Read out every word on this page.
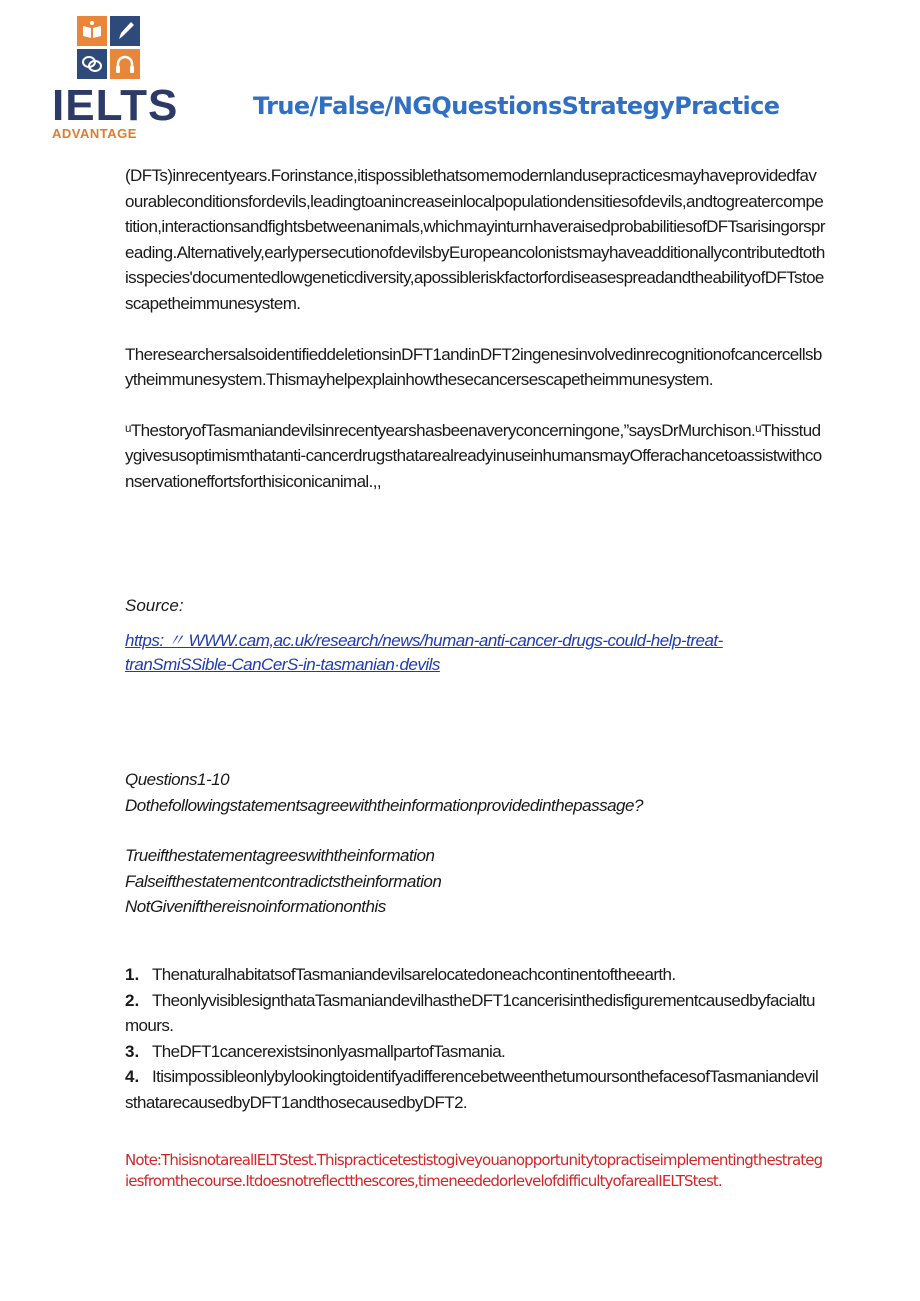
IELTS
ADVANTAGE
True/False/NGQuestionsStrategyPractice
(DFTs)inrecentyears.Forinstance,itispossiblethatsomemodernlandusepracticesmayhaveprovidedfavourableconditionsfordevils,leadingtoanincreaseinlocalpopulationdensitiesofdevils,andtogreatercompetition,interactionsandfightsbetweenanimals,whichmayinturnhaveraisedprobabilitiesofDFTsarisingorspreading.Alternatively,earlypersecutionofdevilsbyEuropeancolonistsmayhaveadditionallycontributedtothisspecies'documentedlowgeneticdiversity,apossibleriskfactorfordiseasespreadandtheabilityofDFTstoescapetheimmunesystem.
TheresearchersalsoidentifieddeletionsinDFT1andinDFT2ingenesinvolvedinrecognitionofcancercellsbytheimmunesystem.Thismayhelpexplainhowthesecancersescapetheimmunesystem.
ᵘThestoryofTasmaniandevilsinrecentyearshasbeenaveryconcerningone,”saysDrMurchison.ᵘThisstudygivesusoptimismthatanti-cancerdrugsthatarealreadyinuseinhumansmayOfferachancetoassistwithconservationeffortsforthisiconicanimal.,,
Source:
https: 〃 WWW.cam,ac.uk/research/news/human-anti-cancer-drugs-could-help-treat-
tranSmiSSible-CanCerS-in-tasmanian·devils
Questions1-10
Dothefollowingstatementsagreewiththeinformationprovidedinthepassage?
Trueifthestatementagreeswiththeinformation
Falseifthestatementcontradictstheinformation
NotGivenifthereisnoinformationonthis
1. ThenaturalhabitatsofTasmaniandevilsarelocatedoneachcontinentoftheearth.
2. TheonlyvisiblesignthataTasmaniandevilhastheDFT1cancerisinthedisfigurementcausedbyfacialtumours.
3. TheDFT1cancerexistsinonlyasmallpartofTasmania.
4. ItisimpossibleonlybylookingtoidentifyadifferencebetweenthetumoursonthefacesofTasmaniandevilsthatarecausedbyDFT1andthosecausedbyDFT2.
Note:ThisisnotarealIELTStest.Thispracticetestistogiveyouanopportunitytopractiseimplementingthestrategiesfromthecourse.Itdoesnotreflectthescores,timeneededorlevelofdifficultyofarealIELTStest.
